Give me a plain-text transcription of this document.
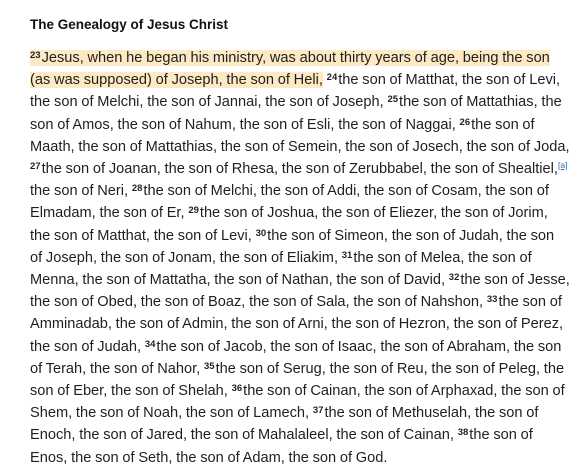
The Genealogy of Jesus Christ

$^{23}$Jesus, when he began his ministry, was about thirty years of age, being the son (as was supposed) of Joseph, the son of Heli, $^{24}$the son of Matthat, the son of Levi, the son of Melchi, the son of Jannai, the son of Joseph, $^{25}$the son of Mattathias, the son of Amos, the son of Nahum, the son of Esli, the son of Naggai, $^{26}$the son of Maath, the son of Mattathias, the son of Semein, the son of Josech, the son of Joda, $^{27}$the son of Joanan, the son of Rhesa, the son of Zerubbabel, the son of Shealtiel,[a] the son of Neri, $^{28}$the son of Melchi, the son of Addi, the son of Cosam, the son of Elmadam, the son of Er, $^{29}$the son of Joshua, the son of Eliezer, the son of Jorim, the son of Matthat, the son of Levi, $^{30}$the son of Simeon, the son of Judah, the son of Joseph, the son of Jonam, the son of Eliakim, $^{31}$the son of Melea, the son of Menna, the son of Mattatha, the son of Nathan, the son of David, $^{32}$the son of Jesse, the son of Obed, the son of Boaz, the son of Sala, the son of Nahshon, $^{33}$the son of Amminadab, the son of Admin, the son of Arni, the son of Hezron, the son of Perez, the son of Judah, $^{34}$the son of Jacob, the son of Isaac, the son of Abraham, the son of Terah, the son of Nahor, $^{35}$the son of Serug, the son of Reu, the son of Peleg, the son of Eber, the son of Shelah, $^{36}$the son of Cainan, the son of Arphaxad, the son of Shem, the son of Noah, the son of Lamech, $^{37}$the son of Methuselah, the son of Enoch, the son of Jared, the son of Mahalaleel, the son of Cainan, $^{38}$the son of Enos, the son of Seth, the son of Adam, the son of God.
